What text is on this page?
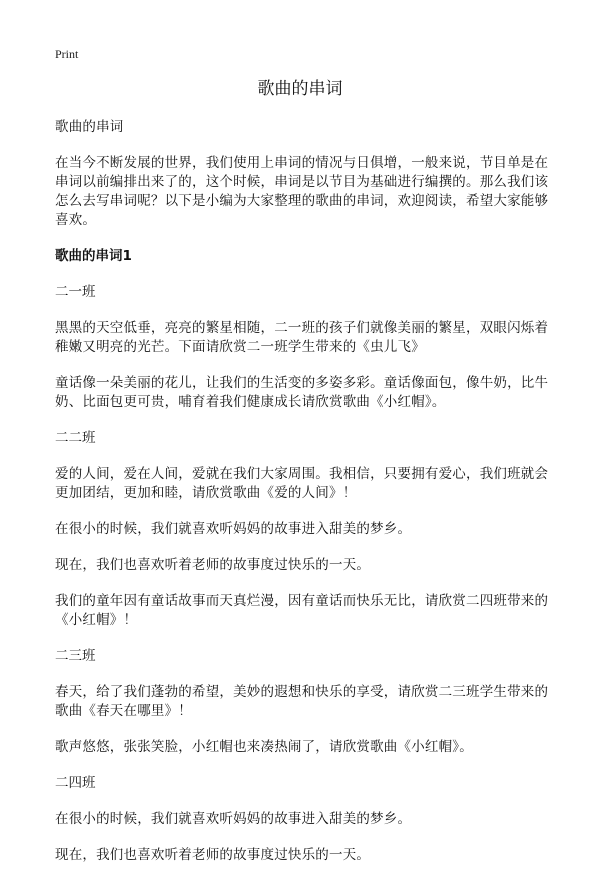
Print
歌曲的串词

歌曲的串词

在当今不断发展的世界，我们使用上串词的情况与日俱增，一般来说，节目单是在串词以前编排出来了的，这个时候，串词是以节目为基础进行编撰的。那么我们该怎么去写串词呢？以下是小编为大家整理的歌曲的串词，欢迎阅读，希望大家能够喜欢。

歌曲的串词1

二一班

黑黑的天空低垂，亮亮的繁星相随，二一班的孩子们就像美丽的繁星，双眼闪烁着稚嫩又明亮的光芒。下面请欣赏二一班学生带来的《虫儿飞》

童话像一朵美丽的花儿，让我们的生活变的多姿多彩。童话像面包，像牛奶，比牛奶、比面包更可贵，哺育着我们健康成长请欣赏歌曲《小红帽》。

二二班

爱的人间，爱在人间，爱就在我们大家周围。我相信，只要拥有爱心，我们班就会更加团结，更加和睦，请欣赏歌曲《爱的人间》！

在很小的时候，我们就喜欢听妈妈的故事进入甜美的梦乡。

现在，我们也喜欢听着老师的故事度过快乐的一天。

我们的童年因有童话故事而天真烂漫，因有童话而快乐无比，请欣赏二四班带来的《小红帽》！

二三班

春天，给了我们蓬勃的希望，美妙的遐想和快乐的享受，请欣赏二三班学生带来的歌曲《春天在哪里》！

歌声悠悠，张张笑脸，小红帽也来凑热闹了，请欣赏歌曲《小红帽》。

二四班

在很小的时候，我们就喜欢听妈妈的故事进入甜美的梦乡。

现在，我们也喜欢听着老师的故事度过快乐的一天。
